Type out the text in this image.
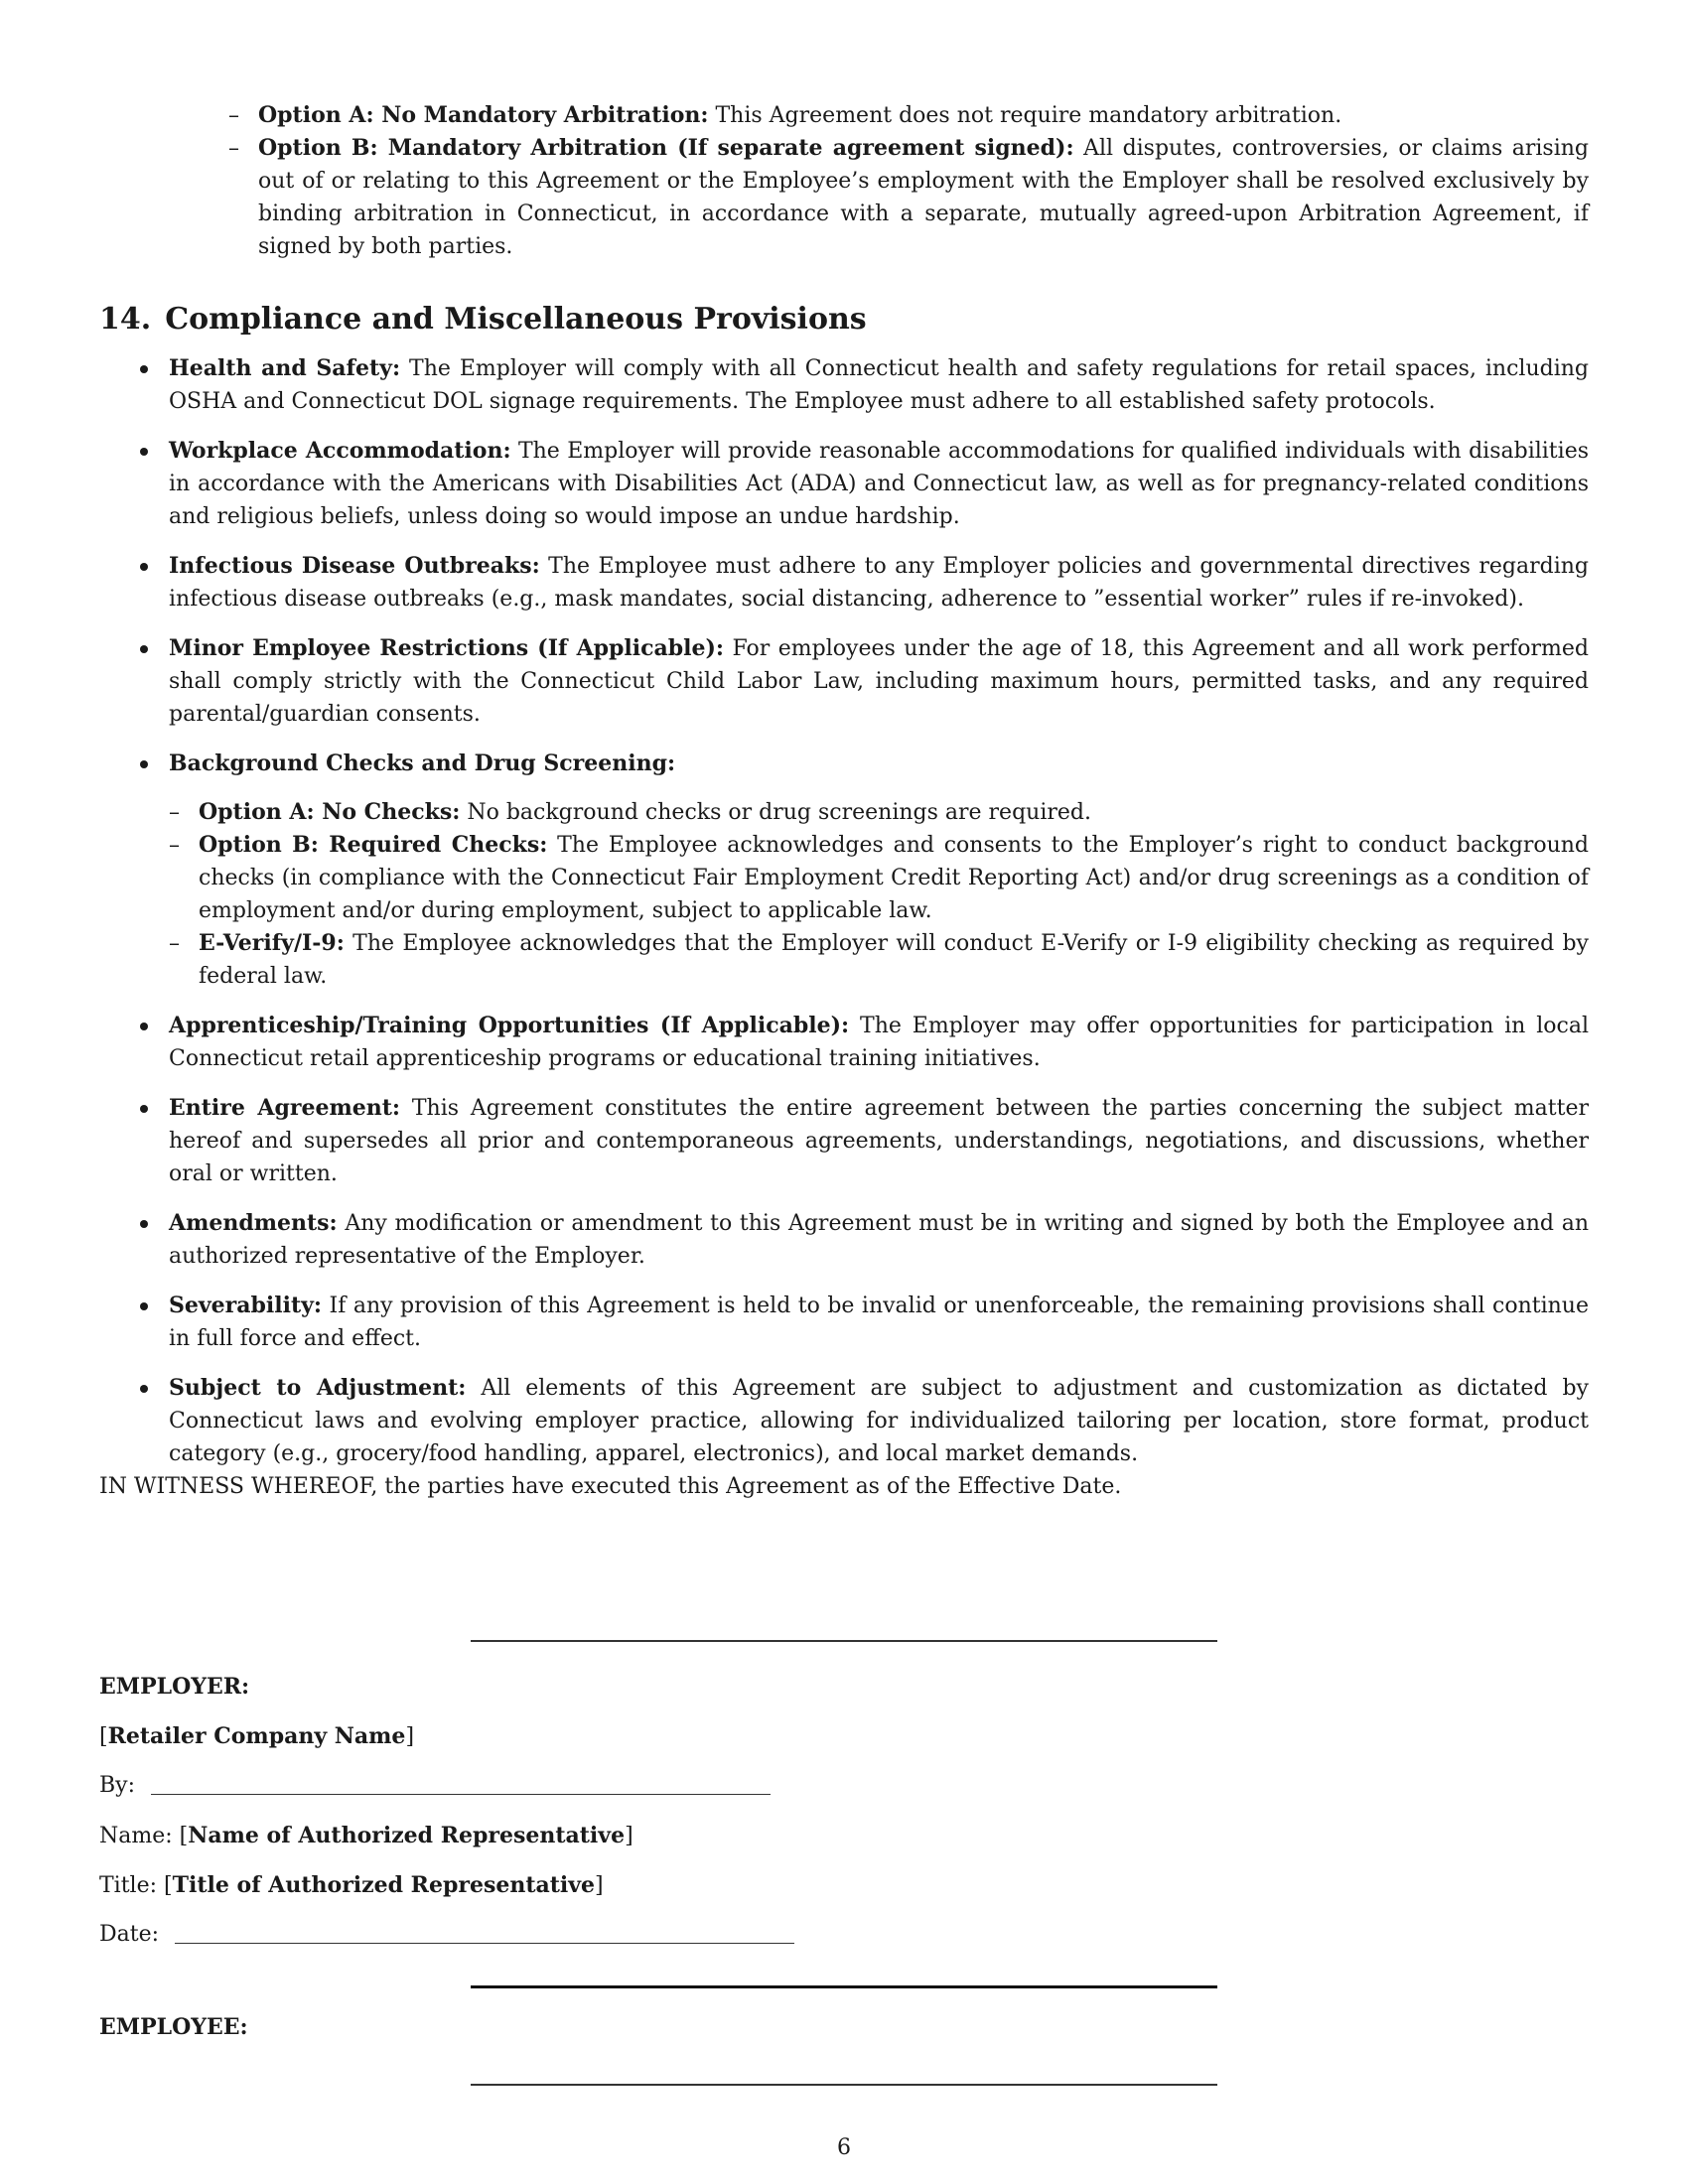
– Option A: No Mandatory Arbitration: This Agreement does not require mandatory arbitration.
– Option B: Mandatory Arbitration (If separate agreement signed): All disputes, controversies, or claims arising out of or relating to this Agreement or the Employee’s employment with the Employer shall be resolved exclusively by binding arbitration in Connecticut, in accordance with a separate, mutually agreed-upon Arbitration Agreement, if signed by both parties.
14. Compliance and Miscellaneous Provisions
Health and Safety: The Employer will comply with all Connecticut health and safety regulations for retail spaces, including OSHA and Connecticut DOL signage requirements. The Employee must adhere to all established safety protocols.
Workplace Accommodation: The Employer will provide reasonable accommodations for qualified individuals with disabilities in accordance with the Americans with Disabilities Act (ADA) and Connecticut law, as well as for pregnancy-related conditions and religious beliefs, unless doing so would impose an undue hardship.
Infectious Disease Outbreaks: The Employee must adhere to any Employer policies and governmental directives regarding infectious disease outbreaks (e.g., mask mandates, social distancing, adherence to ”essential worker” rules if re-invoked).
Minor Employee Restrictions (If Applicable): For employees under the age of 18, this Agreement and all work performed shall comply strictly with the Connecticut Child Labor Law, including maximum hours, permitted tasks, and any required parental/guardian consents.
Background Checks and Drug Screening:
– Option A: No Checks: No background checks or drug screenings are required.
– Option B: Required Checks: The Employee acknowledges and consents to the Employer’s right to conduct background checks (in compliance with the Connecticut Fair Employment Credit Reporting Act) and/or drug screenings as a condition of employment and/or during employment, subject to applicable law.
– E-Verify/I-9: The Employee acknowledges that the Employer will conduct E-Verify or I-9 eligibility checking as required by federal law.
Apprenticeship/Training Opportunities (If Applicable): The Employer may offer opportunities for participation in local Connecticut retail apprenticeship programs or educational training initiatives.
Entire Agreement: This Agreement constitutes the entire agreement between the parties concerning the subject matter hereof and supersedes all prior and contemporaneous agreements, understandings, negotiations, and discussions, whether oral or written.
Amendments: Any modification or amendment to this Agreement must be in writing and signed by both the Employee and an authorized representative of the Employer.
Severability: If any provision of this Agreement is held to be invalid or unenforceable, the remaining provisions shall continue in full force and effect.
Subject to Adjustment: All elements of this Agreement are subject to adjustment and customization as dictated by Connecticut laws and evolving employer practice, allowing for individualized tailoring per location, store format, product category (e.g., grocery/food handling, apparel, electronics), and local market demands.
IN WITNESS WHEREOF, the parties have executed this Agreement as of the Effective Date.
EMPLOYER:
[Retailer Company Name]
By:
Name: [Name of Authorized Representative]
Title: [Title of Authorized Representative]
Date:
EMPLOYEE:
6
